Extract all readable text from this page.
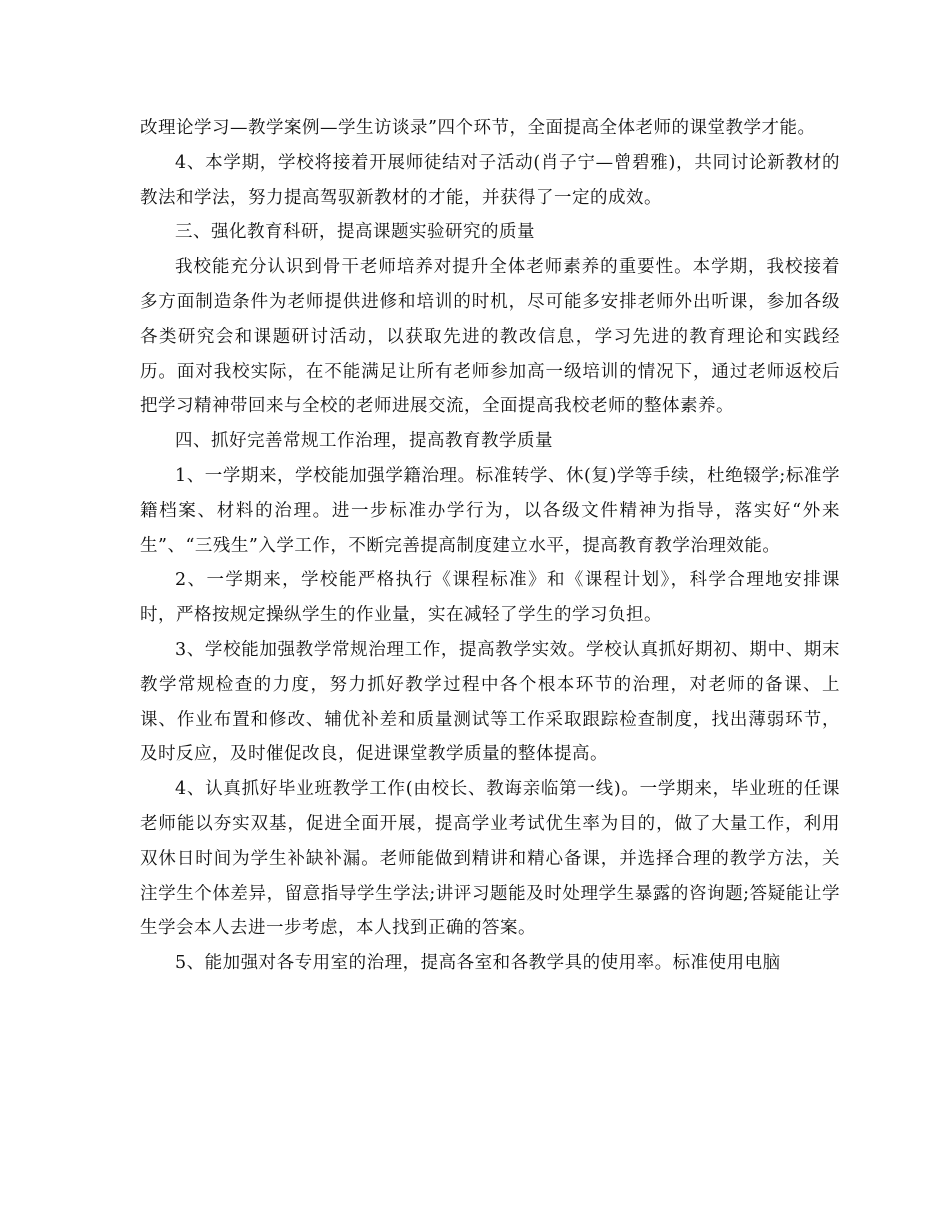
改理论学习—教学案例—学生访谈录”四个环节，全面提高全体老师的课堂教学才能。

4、本学期，学校将接着开展师徒结对子活动(肖子宁—曾碧雅)，共同讨论新教材的教法和学法，努力提高驾驭新教材的才能，并获得了一定的成效。

三、强化教育科研，提高课题实验研究的质量

我校能充分认识到骨干老师培养对提升全体老师素养的重要性。本学期，我校接着多方面制造条件为老师提供进修和培训的时机，尽可能多安排老师外出听课，参加各级各类研究会和课题研讨活动，以获取先进的教改信息，学习先进的教育理论和实践经历。面对我校实际，在不能满足让所有老师参加高一级培训的情况下，通过老师返校后把学习精神带回来与全校的老师进展交流，全面提高我校老师的整体素养。

四、抓好完善常规工作治理，提高教育教学质量

1、一学期来，学校能加强学籍治理。标准转学、休(复)学等手续，杜绝辍学;标准学籍档案、材料的治理。进一步标准办学行为，以各级文件精神为指导，落实好“外来生”、“三残生”入学工作，不断完善提高制度建立水平，提高教育教学治理效能。

2、一学期来，学校能严格执行《课程标准》和《课程计划》，科学合理地安排课时，严格按规定操纵学生的作业量，实在减轻了学生的学习负担。

3、学校能加强教学常规治理工作，提高教学实效。学校认真抓好期初、期中、期末教学常规检查的力度，努力抓好教学过程中各个根本环节的治理，对老师的备课、上课、作业布置和修改、辅优补差和质量测试等工作采取跟踪检查制度，找出薄弱环节，及时反应，及时催促改良，促进课堂教学质量的整体提高。

4、认真抓好毕业班教学工作(由校长、教诲亲临第一线)。一学期来，毕业班的任课老师能以夯实双基，促进全面开展，提高学业考试优生率为目的，做了大量工作，利用双休日时间为学生补缺补漏。老师能做到精讲和精心备课，并选择合理的教学方法，关注学生个体差异，留意指导学生学法;讲评习题能及时处理学生暴露的咨询题;答疑能让学生学会本人去进一步考虑，本人找到正确的答案。

5、能加强对各专用室的治理，提高各室和各教学具的使用率。标准使用电脑
